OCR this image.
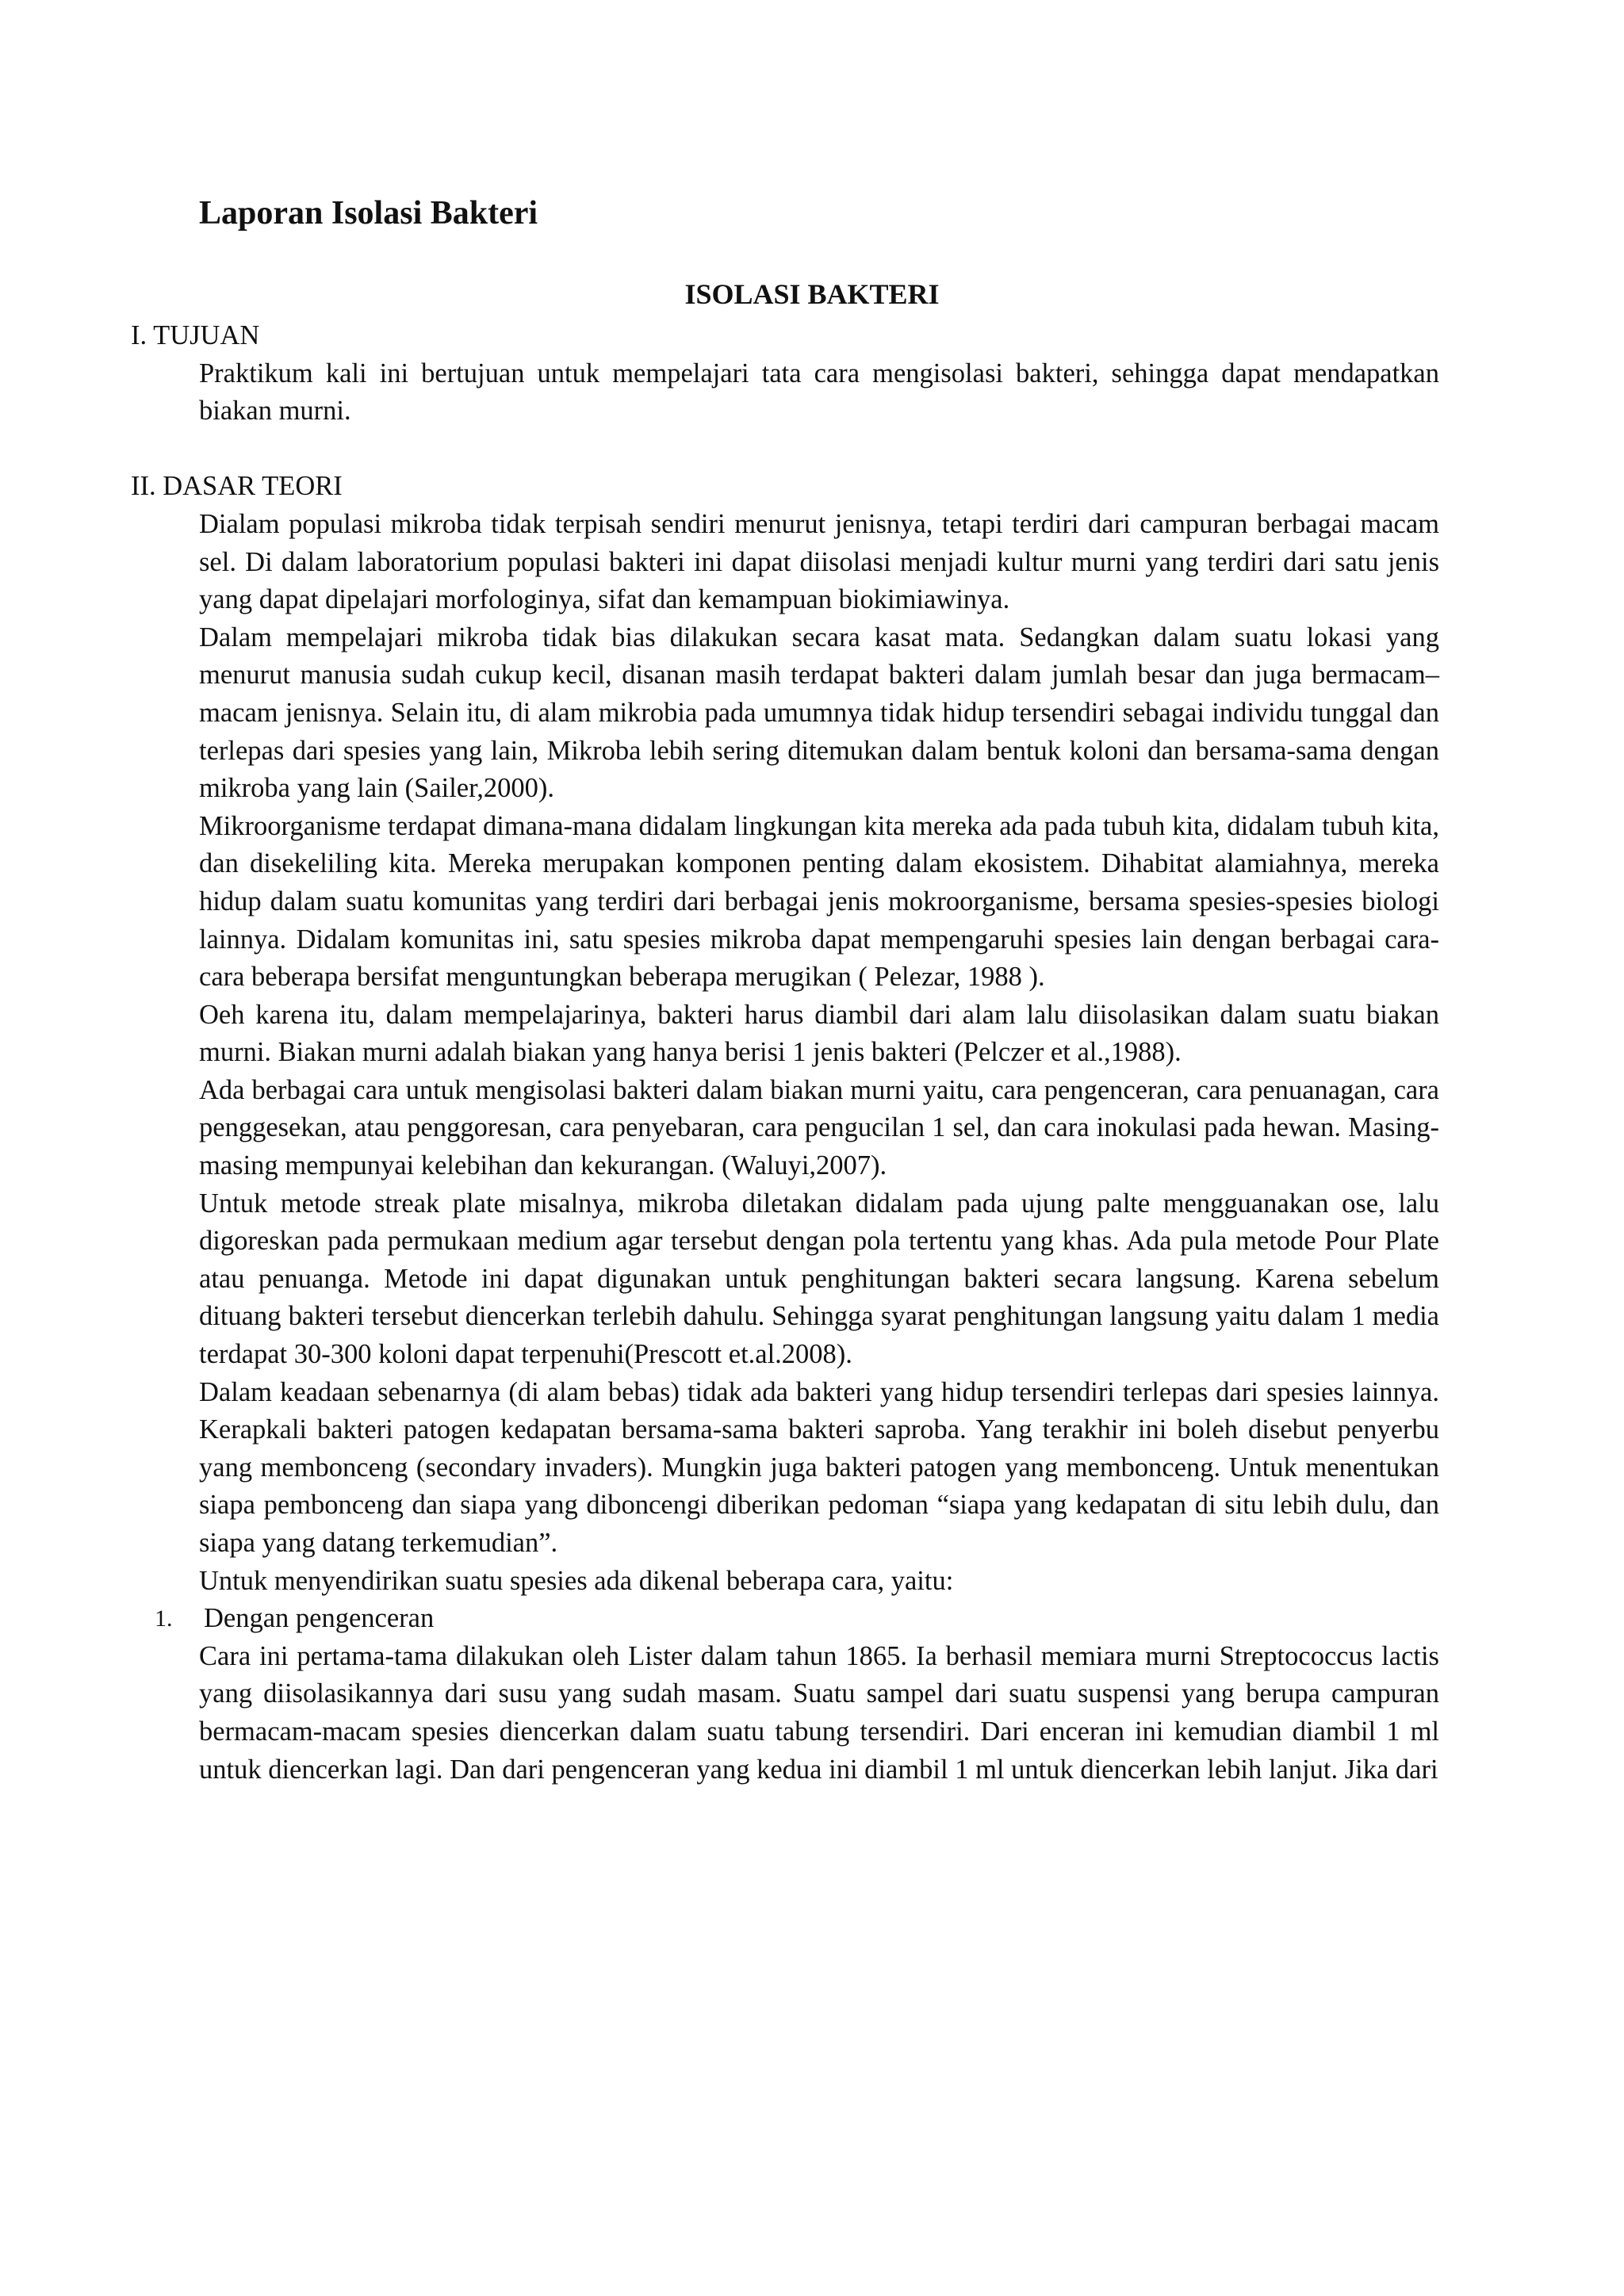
Laporan Isolasi Bakteri
ISOLASI BAKTERI
I. TUJUAN

Praktikum kali ini bertujuan untuk mempelajari tata cara mengisolasi bakteri, sehingga dapat mendapatkan biakan murni.

II. DASAR TEORI

Dialam populasi mikroba tidak terpisah sendiri menurut jenisnya, tetapi terdiri dari campuran berbagai macam sel. Di dalam laboratorium populasi bakteri ini dapat diisolasi menjadi kultur murni yang terdiri dari satu jenis yang dapat dipelajari morfologinya, sifat dan kemampuan biokimiawinya.

Dalam mempelajari mikroba tidak bias dilakukan secara kasat mata. Sedangkan dalam suatu lokasi yang menurut manusia sudah cukup kecil, disanan masih terdapat bakteri dalam jumlah besar dan juga bermacam–macam jenisnya. Selain itu, di alam mikrobia pada umumnya tidak hidup tersendiri sebagai individu tunggal dan terlepas dari spesies yang lain, Mikroba lebih sering ditemukan dalam bentuk koloni dan bersama-sama dengan mikroba yang lain (Sailer,2000).

Mikroorganisme terdapat dimana-mana didalam lingkungan kita mereka ada pada tubuh kita, didalam tubuh kita, dan disekeliling kita. Mereka merupakan komponen penting dalam ekosistem. Dihabitat alamiahnya, mereka hidup dalam suatu komunitas yang terdiri dari berbagai jenis mokroorganisme, bersama spesies-spesies biologi lainnya. Didalam komunitas ini, satu spesies mikroba dapat mempengaruhi spesies lain dengan berbagai cara-cara beberapa bersifat menguntungkan beberapa merugikan ( Pelezar, 1988 ).

Oeh karena itu, dalam mempelajarinya, bakteri harus diambil dari alam lalu diisolasikan dalam suatu biakan murni. Biakan murni adalah biakan yang hanya berisi 1 jenis bakteri (Pelczer et al.,1988).

Ada berbagai cara untuk mengisolasi bakteri dalam biakan murni yaitu, cara pengenceran, cara penuanagan, cara penggesekan, atau penggoresan, cara penyebaran, cara pengucilan 1 sel, dan cara inokulasi pada hewan. Masing-masing mempunyai kelebihan dan kekurangan. (Waluyi,2007).

Untuk metode streak plate misalnya, mikroba diletakan didalam pada ujung palte mengguanakan ose, lalu digoreskan pada permukaan medium agar tersebut dengan pola tertentu yang khas. Ada pula metode Pour Plate atau penuanga. Metode ini dapat digunakan untuk penghitungan bakteri secara langsung. Karena sebelum dituang bakteri tersebut diencerkan terlebih dahulu. Sehingga syarat penghitungan langsung yaitu dalam 1 media terdapat 30-300 koloni dapat terpenuhi(Prescott et.al.2008).

Dalam keadaan sebenarnya (di alam bebas) tidak ada bakteri yang hidup tersendiri terlepas dari spesies lainnya. Kerapkali bakteri patogen kedapatan bersama-sama bakteri saproba. Yang terakhir ini boleh disebut penyerbu yang membonceng (secondary invaders). Mungkin juga bakteri patogen yang membonceng. Untuk menentukan siapa pembonceng dan siapa yang diboncengi diberikan pedoman “siapa yang kedapatan di situ lebih dulu, dan siapa yang datang terkemudian”.

Untuk menyendirikan suatu spesies ada dikenal beberapa cara, yaitu:

1. Dengan pengenceran

Cara ini pertama-tama dilakukan oleh Lister dalam tahun 1865. Ia berhasil memiara murni Streptococcus lactis yang diisolasikannya dari susu yang sudah masam. Suatu sampel dari suatu suspensi yang berupa campuran bermacam-macam spesies diencerkan dalam suatu tabung tersendiri. Dari enceran ini kemudian diambil 1 ml untuk diencerkan lagi. Dan dari pengenceran yang kedua ini diambil 1 ml untuk diencerkan lebih lanjut. Jika dari
